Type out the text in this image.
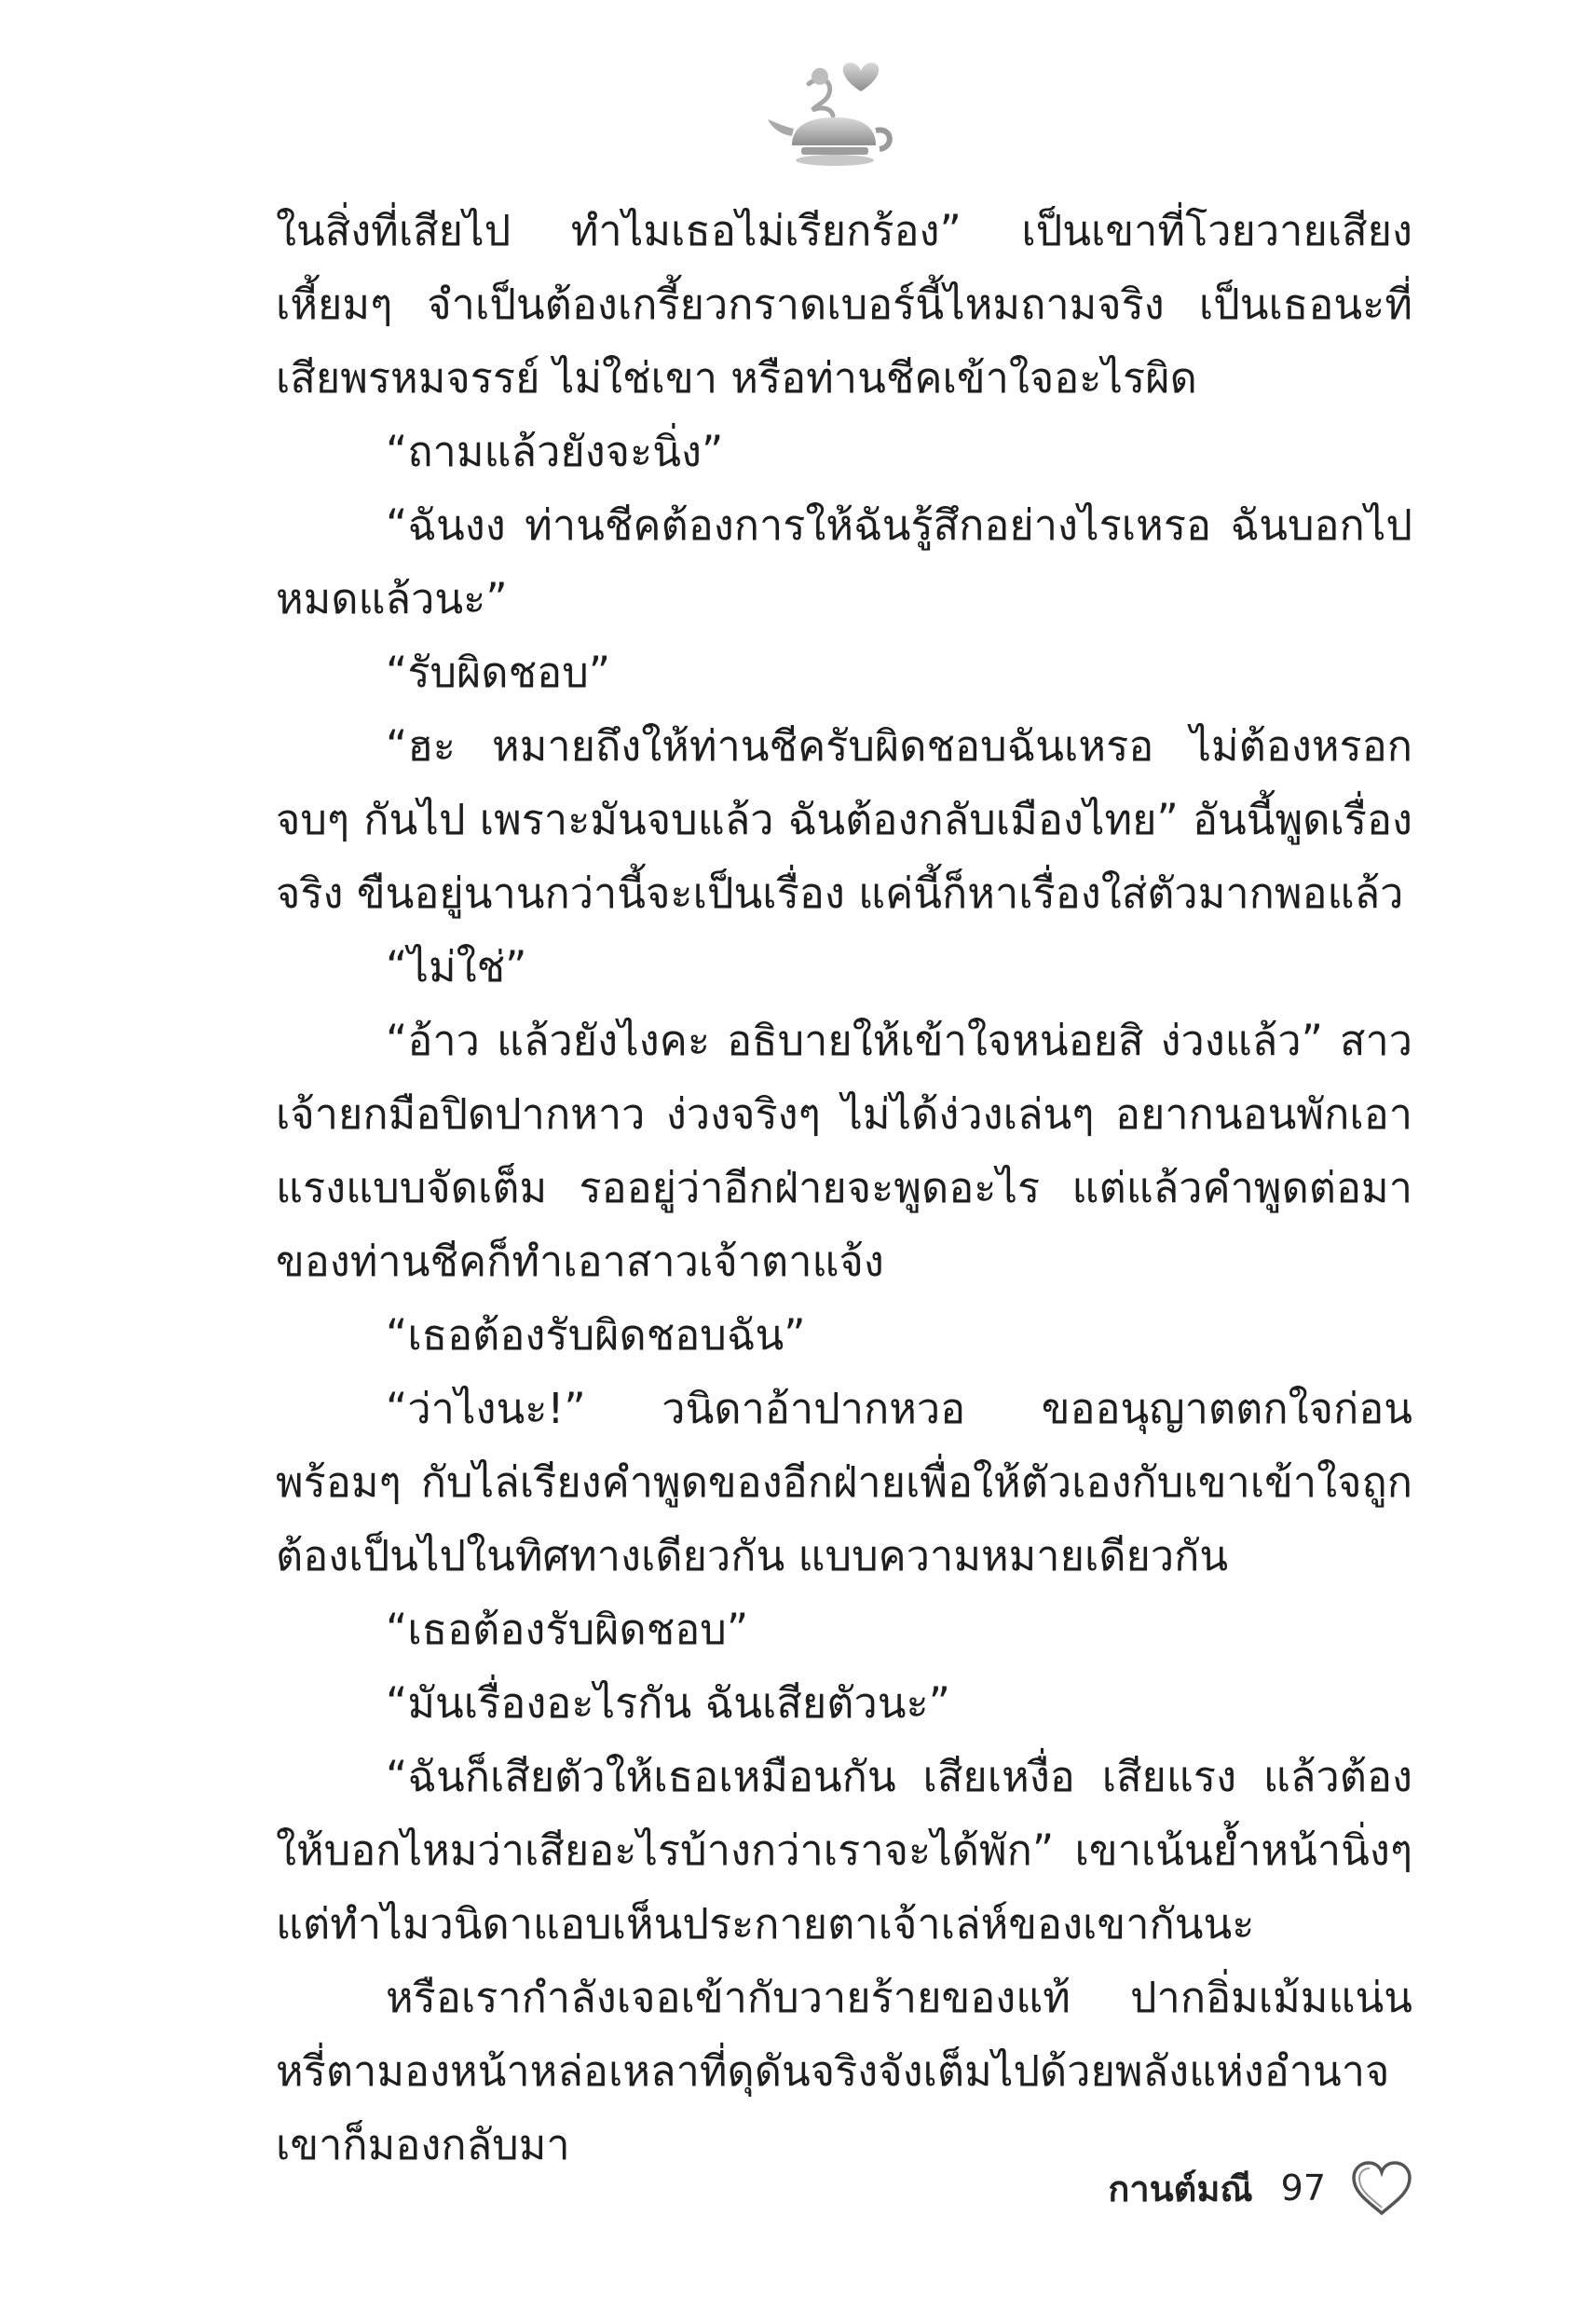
ในสิ่งที่เสียไป ทำไมเธอไม่เรียกร้อง” เป็นเขาที่โวยวายเสียงเหี้ยมๆ จำเป็นต้องเกรี้ยวกราดเบอร์นี้ไหมถามจริง เป็นเธอนะที่เสียพรหมจรรย์ ไม่ใช่เขา หรือท่านชีคเข้าใจอะไรผิด

“ถามแล้วยังจะนิ่ง”

“ฉันงง ท่านชีคต้องการให้ฉันรู้สึกอย่างไรเหรอ ฉันบอกไป หมดแล้วนะ”

“รับผิดชอบ”

“ฮะ หมายถึงให้ท่านชีครับผิดชอบฉันเหรอ ไม่ต้องหรอก จบๆ กันไป เพราะมันจบแล้ว ฉันต้องกลับเมืองไทย” อันนี้พูดเรื่องจริง ขืนอยู่นานกว่านี้จะเป็นเรื่อง แค่นี้ก็หาเรื่องใส่ตัวมากพอแล้ว

“ไม่ใช่”

“อ้าว แล้วยังไงคะ อธิบายให้เข้าใจหน่อยสิ ง่วงแล้ว” สาวเจ้ายกมือปิดปากหาว ง่วงจริงๆ ไม่ได้ง่วงเล่นๆ อยากนอนพักเอาแรงแบบจัดเต็ม รออยู่ว่าอีกฝ่ายจะพูดอะไร แต่แล้วคำพูดต่อมาของท่านชีคก็ทำเอาสาวเจ้าตาแจ้ง

“เธอต้องรับผิดชอบฉัน”

“ว่าไงนะ!” วนิดาอ้าปากหวอ ขออนุญาตตกใจก่อน พร้อมๆ กับไล่เรียงคำพูดของอีกฝ่ายเพื่อให้ตัวเองกับเขาเข้าใจถูกต้องเป็นไปในทิศทางเดียวกัน แบบความหมายเดียวกัน

“เธอต้องรับผิดชอบ”

“มันเรื่องอะไรกัน ฉันเสียตัวนะ”

“ฉันก็เสียตัวให้เธอเหมือนกัน เสียเหงื่อ เสียแรง แล้วต้องให้บอกไหมว่าเสียอะไรบ้างกว่าเราจะได้พัก” เขาเน้นย้ำหน้านิ่งๆ แต่ทำไมวนิดาแอบเห็นประกายตาเจ้าเล่ห์ของเขากันนะ

หรือเรากำลังเจอเข้ากับวายร้ายของแท้ ปากอิ่มเม้มแน่นหรี่ตามองหน้าหล่อเหลาที่ดุดันจริงจังเต็มไปด้วยพลังแห่งอำนาจ เขาก็มองกลับมา

กานต์มณี 97
